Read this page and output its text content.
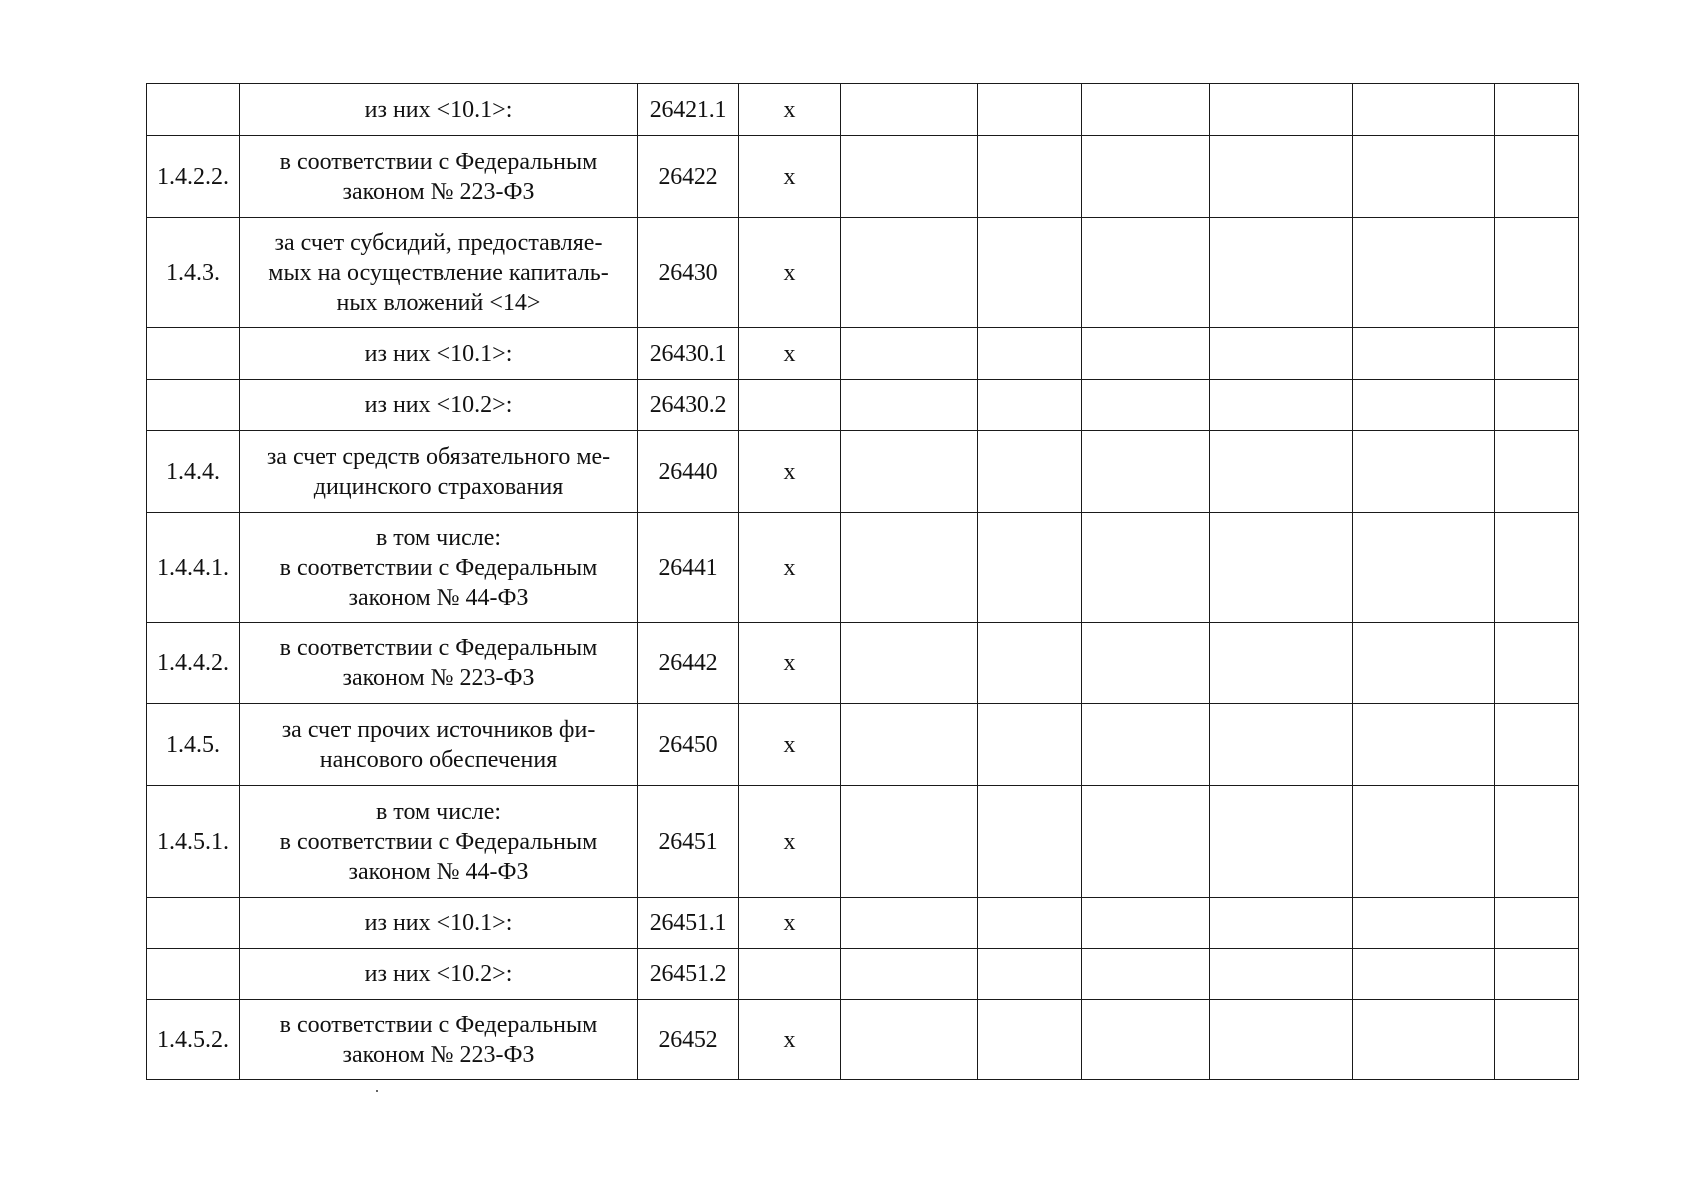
	из них <10.1>:	26421.1	x						
1.4.2.2.	в соответствии с Федеральным
законом № 223-ФЗ	26422	x						
1.4.3.	за счет субсидий, предоставляе-
мых на осуществление капиталь-
ных вложений <14>	26430	x						

	из них <10.1>:	26430.1	x						

	из них <10.2>:	26430.2							
1.4.4.	за счет средств обязательного ме-
дицинского страхования	26440	x						
1.4.4.1.	в том числе:
в соответствии с Федеральным
законом № 44-ФЗ	26441	x						
1.4.4.2.	в соответствии с Федеральным
законом № 223-ФЗ	26442	x						
1.4.5.	за счет прочих источников фи-
нансового обеспечения	26450	x						
1.4.5.1.	в том числе:
в соответствии с Федеральным
законом № 44-ФЗ	26451	x						

	из них <10.1>:	26451.1	x						

	из них <10.2>:	26451.2							
1.4.5.2.	в соответствии с Федеральным
законом № 223-ФЗ	26452	x						
